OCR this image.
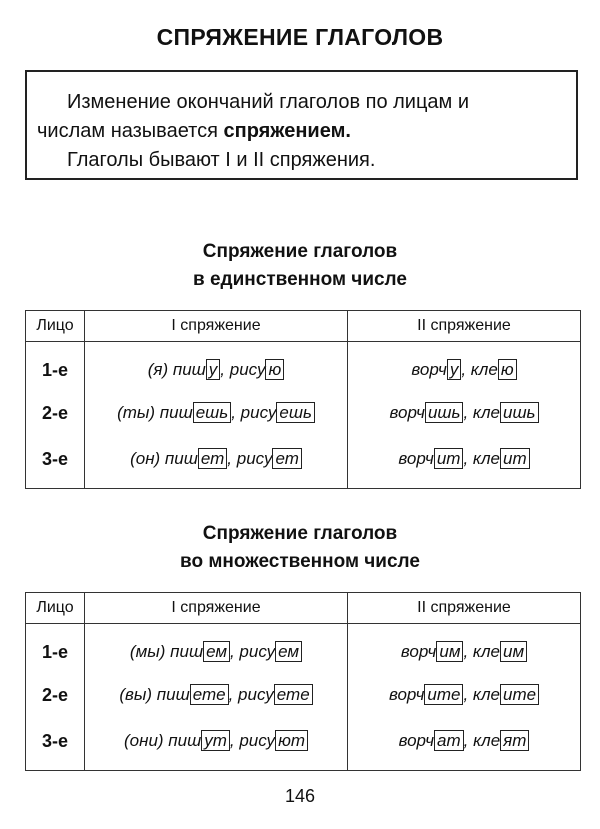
СПРЯЖЕНИЕ ГЛАГОЛОВ

Изменение окончаний глаголов по лицам и

числам называется спряжением.

Глаголы бывают I и II спряжения.

Спряжение глаголов
в единственном числе
Лицо	I спряжение	II спряжение
1-е	(я) пиш у , рису ю	ворч у , кле ю
2-е	(ты) пиш ешь , рису ешь	ворч ишь , кле ишь
3-е	(он) пиш ет , рису ет	ворч ит , кле ит
Спряжение глаголов
во множественном числе
Лицо	I спряжение	II спряжение
1-е	(мы) пиш ем , рису ем	ворч им , кле им
2-е	(вы) пиш ете , рису ете	ворч ите , кле ите
3-е	(они) пиш ут , рису ют	ворч ат , кле ят
146
